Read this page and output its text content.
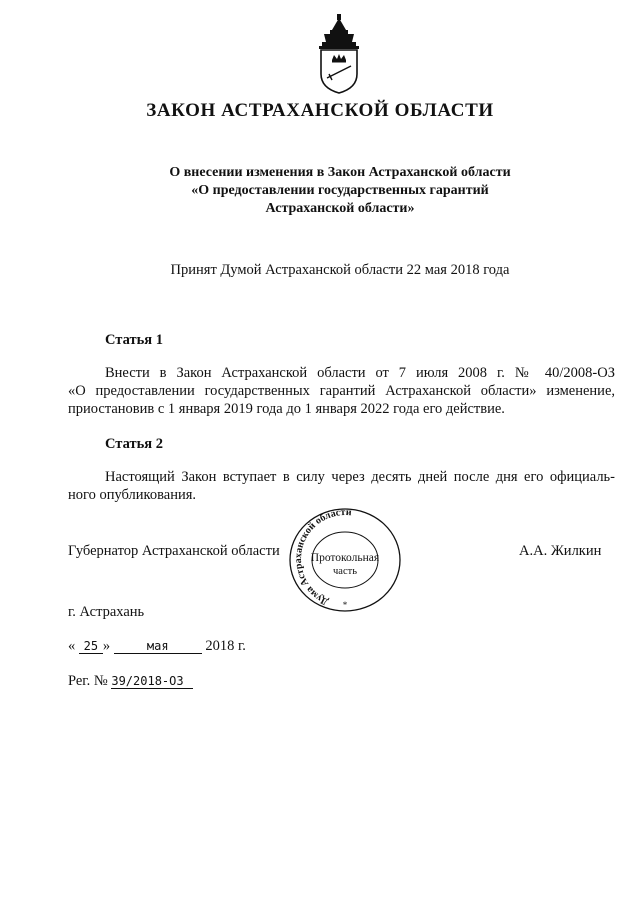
ЗАКОН АСТРАХАНСКОЙ ОБЛАСТИ
О внесении изменения в Закон Астраханской области
«О предоставлении государственных гарантий
Астраханской области»
Принят Думой Астраханской области 22 мая 2018 года
Статья 1
Внести в Закон Астраханской области от 7 июля 2008 г. № 40/2008-ОЗ
«О предоставлении государственных гарантий Астраханской области» изменение,
приостановив с 1 января 2019 года до 1 января 2022 года его действие.
Статья 2
Настоящий Закон вступает в силу через десять дней после дня его официаль-
ного опубликования.
Губернатор Астраханской области	А.А. Жилкин
Дума Астраханской области
Протокольная
часть
*
г. Астрахань
« 25 »	мая	2018 г.
Рег. № 39/2018-ОЗ
